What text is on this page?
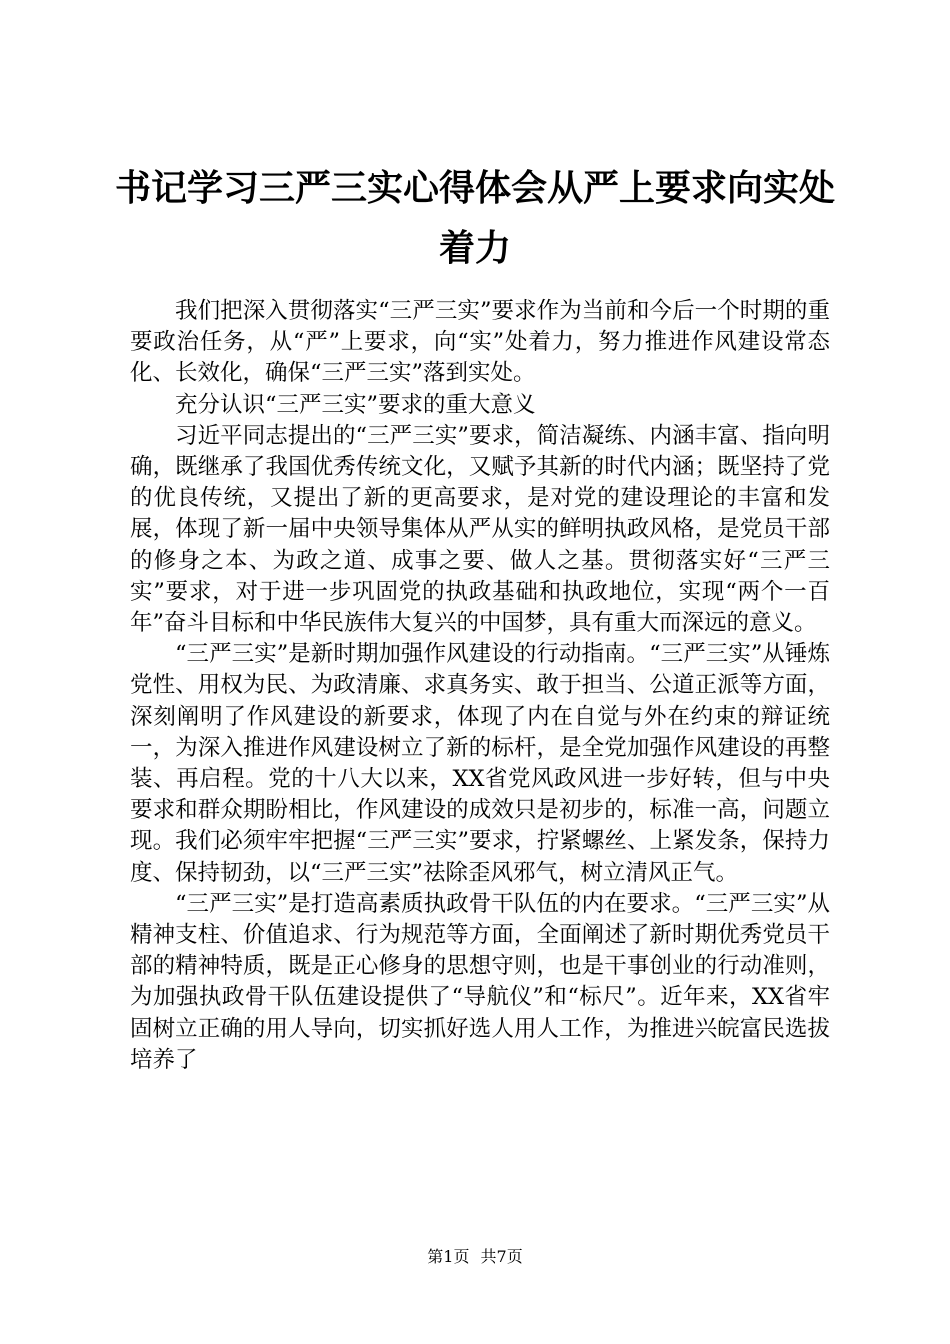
书记学习三严三实心得体会从严上要求向实处着力

我们把深入贯彻落实“三严三实”要求作为当前和今后一个时期的重要政治任务，从“严”上要求，向“实”处着力，努力推进作风建设常态化、长效化，确保“三严三实”落到实处。

充分认识“三严三实”要求的重大意义

习近平同志提出的“三严三实”要求，简洁凝练、内涵丰富、指向明确，既继承了我国优秀传统文化，又赋予其新的时代内涵；既坚持了党的优良传统，又提出了新的更高要求，是对党的建设理论的丰富和发展，体现了新一届中央领导集体从严从实的鲜明执政风格，是党员干部的修身之本、为政之道、成事之要、做人之基。贯彻落实好“三严三实”要求，对于进一步巩固党的执政基础和执政地位，实现“两个一百年”奋斗目标和中华民族伟大复兴的中国梦，具有重大而深远的意义。

“三严三实”是新时期加强作风建设的行动指南。“三严三实”从锤炼党性、用权为民、为政清廉、求真务实、敢于担当、公道正派等方面，深刻阐明了作风建设的新要求，体现了内在自觉与外在约束的辩证统一，为深入推进作风建设树立了新的标杆，是全党加强作风建设的再整装、再启程。党的十八大以来，XX省党风政风进一步好转，但与中央要求和群众期盼相比，作风建设的成效只是初步的，标准一高，问题立现。我们必须牢牢把握“三严三实”要求，拧紧螺丝、上紧发条，保持力度、保持韧劲，以“三严三实”祛除歪风邪气，树立清风正气。

“三严三实”是打造高素质执政骨干队伍的内在要求。“三严三实”从精神支柱、价值追求、行为规范等方面，全面阐述了新时期优秀党员干部的精神特质，既是正心修身的思想守则，也是干事创业的行动准则，为加强执政骨干队伍建设提供了“导航仪”和“标尺”。近年来，XX省牢固树立正确的用人导向，切实抓好选人用人工作，为推进兴皖富民选拔培养了

第1页 共7页
